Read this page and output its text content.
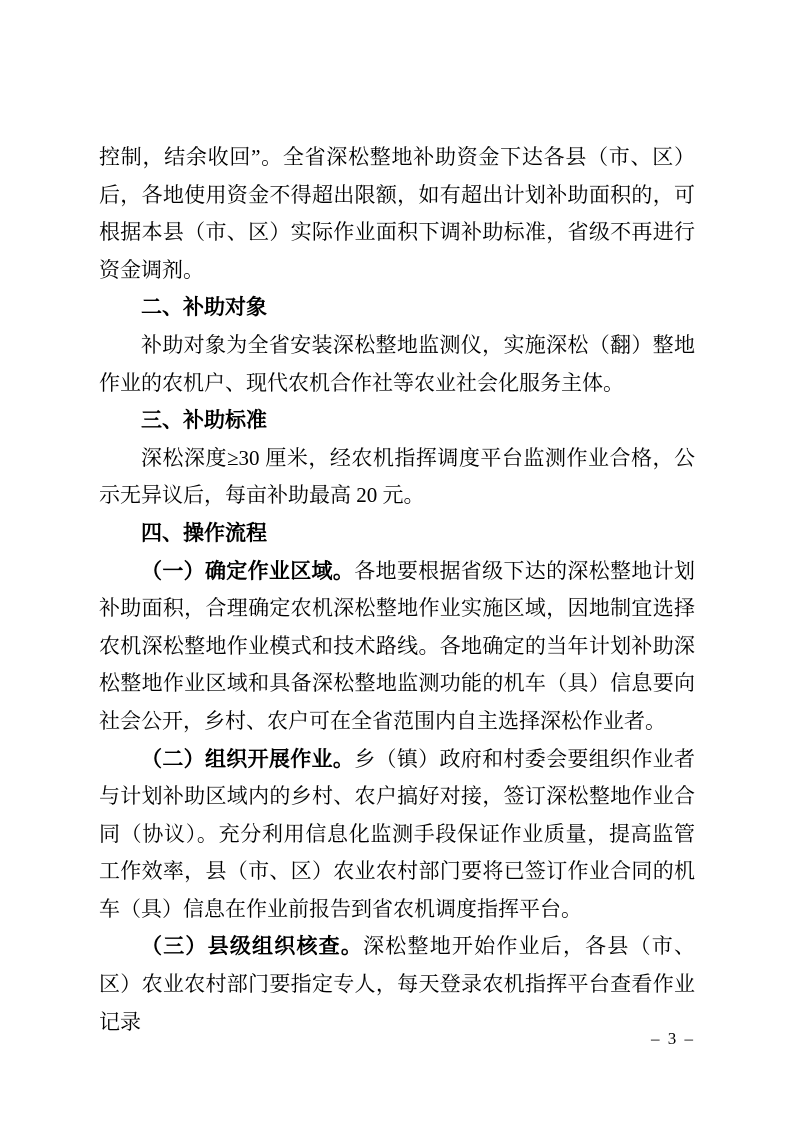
控制，结余收回”。全省深松整地补助资金下达各县（市、区）后，各地使用资金不得超出限额，如有超出计划补助面积的，可根据本县（市、区）实际作业面积下调补助标准，省级不再进行资金调剂。

二、补助对象

补助对象为全省安装深松整地监测仪，实施深松（翻）整地作业的农机户、现代农机合作社等农业社会化服务主体。

三、补助标准

深松深度≥30 厘米，经农机指挥调度平台监测作业合格，公示无异议后，每亩补助最高 20 元。

四、操作流程

（一）确定作业区域。各地要根据省级下达的深松整地计划补助面积，合理确定农机深松整地作业实施区域，因地制宜选择农机深松整地作业模式和技术路线。各地确定的当年计划补助深松整地作业区域和具备深松整地监测功能的机车（具）信息要向社会公开，乡村、农户可在全省范围内自主选择深松作业者。

（二）组织开展作业。乡（镇）政府和村委会要组织作业者与计划补助区域内的乡村、农户搞好对接，签订深松整地作业合同（协议）。充分利用信息化监测手段保证作业质量，提高监管工作效率，县（市、区）农业农村部门要将已签订作业合同的机车（具）信息在作业前报告到省农机调度指挥平台。

（三）县级组织核查。深松整地开始作业后，各县（市、区）农业农村部门要指定专人，每天登录农机指挥平台查看作业记录

– 3 –
